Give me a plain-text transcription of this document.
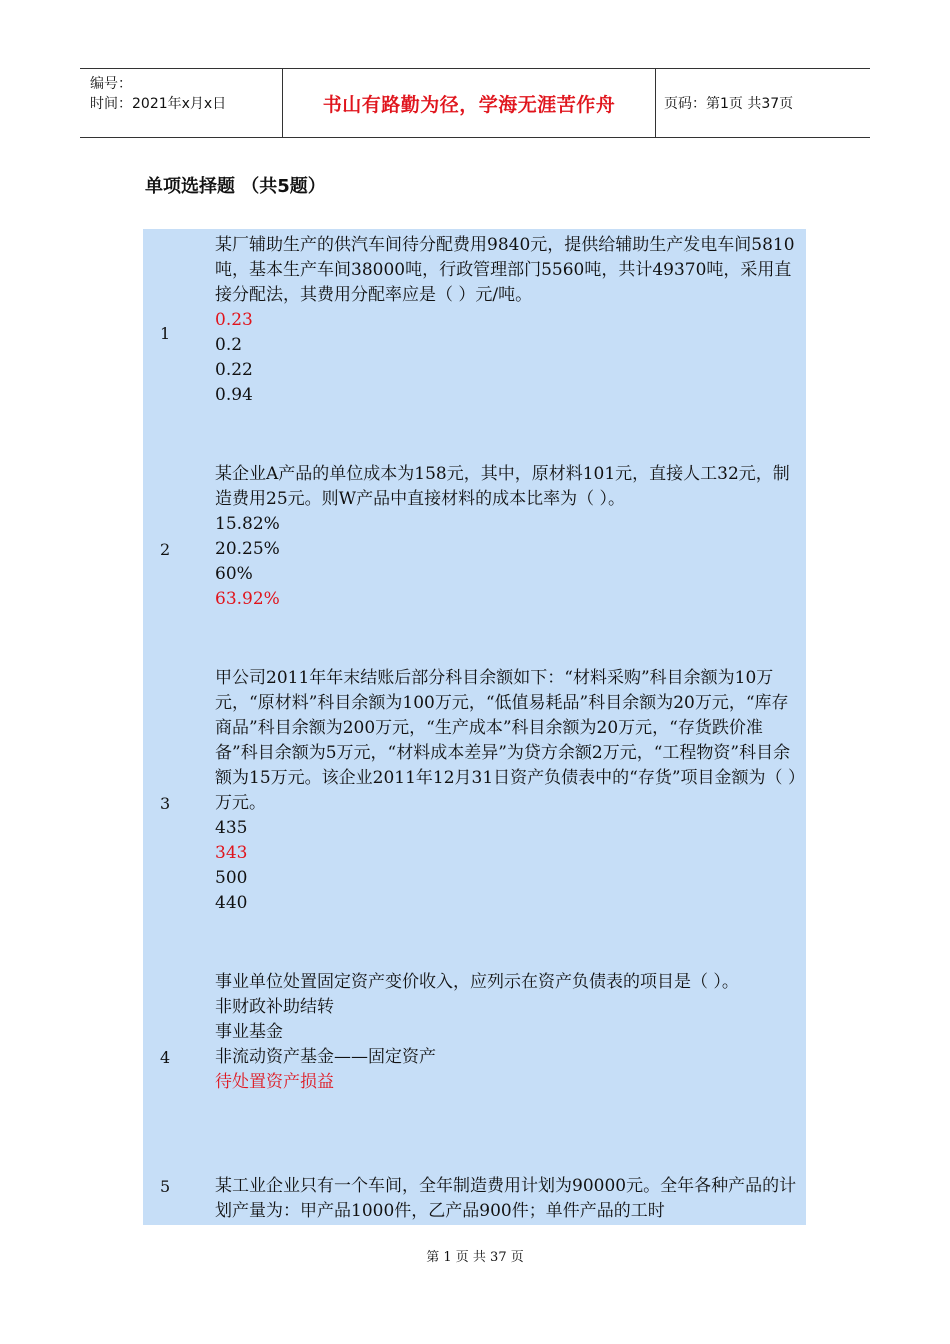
编号：
时间：2021年x月x日	书山有路勤为径，学海无涯苦作舟	页码：第1页 共37页
单项选择题 （共5题）
1

某厂辅助生产的供汽车间待分配费用9840元，提供给辅助生产发电车间5810吨，基本生产车间38000吨，行政管理部门5560吨，共计49370吨，采用直接分配法，其费用分配率应是（ ）元/吨。

0.23
0.2
0.22
0.94
2

某企业A产品的单位成本为158元，其中，原材料101元，直接人工32元，制造费用25元。则W产品中直接材料的成本比率为（ ）。

15.82%
20.25%
60%
63.92%
3

甲公司2011年年末结账后部分科目余额如下：“材料采购”科目余额为10万元，“原材料”科目余额为100万元，“低值易耗品”科目余额为20万元，“库存商品”科目余额为200万元，“生产成本”科目余额为20万元，“存货跌价准备”科目余额为5万元，“材料成本差异”为贷方余额2万元，“工程物资”科目余额为15万元。该企业2011年12月31日资产负债表中的“存货”项目金额为（ ）万元。

435
343
500
440
4

事业单位处置固定资产变价收入，应列示在资产负债表的项目是（ ）。

非财政补助结转
事业基金
非流动资产基金——固定资产
待处置资产损益
5	某工业企业只有一个车间，全年制造费用计划为90000元。全年各种产品的计划产量为：甲产品1000件，乙产品900件；单件产品的工时

第 1 页 共 37 页
